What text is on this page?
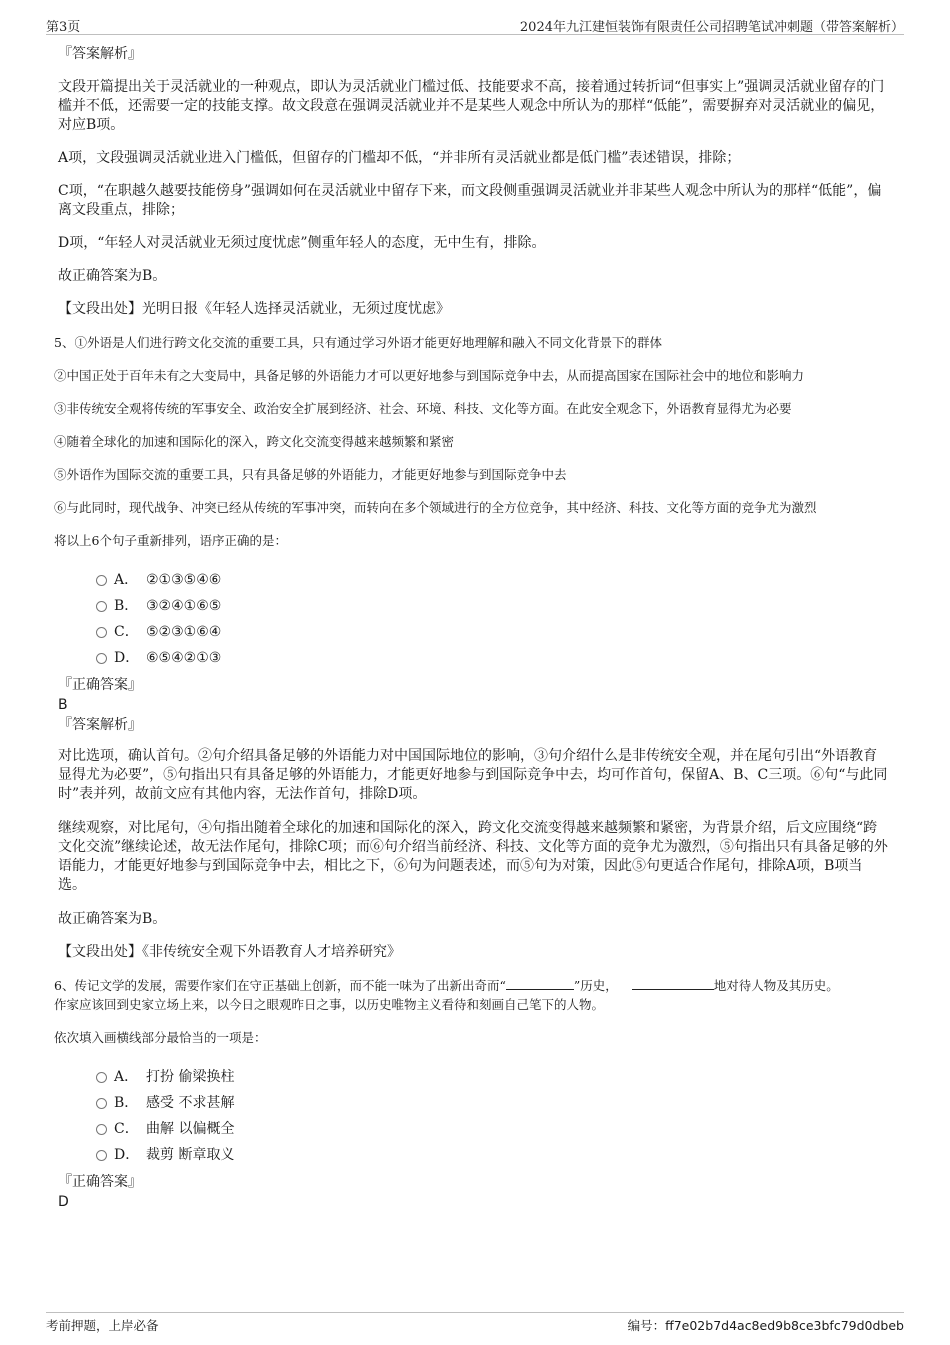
第3页	2024年九江建恒装饰有限责任公司招聘笔试冲刺题（带答案解析）

『答案解析』

文段开篇提出关于灵活就业的一种观点，即认为灵活就业门槛过低、技能要求不高，接着通过转折词“但事实上”强调灵活就业留存的门槛并不低，还需要一定的技能支撑。故文段意在强调灵活就业并不是某些人观念中所认为的那样“低能”，需要摒弃对灵活就业的偏见，对应B项。

A项，文段强调灵活就业进入门槛低，但留存的门槛却不低，“并非所有灵活就业都是低门槛”表述错误，排除；

C项，“在职越久越要技能傍身”强调如何在灵活就业中留存下来，而文段侧重强调灵活就业并非某些人观念中所认为的那样“低能”，偏离文段重点，排除；

D项，“年轻人对灵活就业无须过度忧虑”侧重年轻人的态度，无中生有，排除。

故正确答案为B。

【文段出处】光明日报《年轻人选择灵活就业，无须过度忧虑》

5、①外语是人们进行跨文化交流的重要工具，只有通过学习外语才能更好地理解和融入不同文化背景下的群体

②中国正处于百年未有之大变局中，具备足够的外语能力才可以更好地参与到国际竞争中去，从而提高国家在国际社会中的地位和影响力

③非传统安全观将传统的军事安全、政治安全扩展到经济、社会、环境、科技、文化等方面。在此安全观念下，外语教育显得尤为必要

④随着全球化的加速和国际化的深入，跨文化交流变得越来越频繁和紧密

⑤外语作为国际交流的重要工具，只有具备足够的外语能力，才能更好地参与到国际竞争中去

⑥与此同时，现代战争、冲突已经从传统的军事冲突，而转向在多个领域进行的全方位竞争，其中经济、科技、文化等方面的竞争尤为激烈

将以上6个句子重新排列，语序正确的是：

A． ②①③⑤④⑥
B． ③②④①⑥⑤
C． ⑤②③①⑥④
D． ⑥⑤④②①③

『正确答案』

B

『答案解析』

对比选项，确认首句。②句介绍具备足够的外语能力对中国国际地位的影响，③句介绍什么是非传统安全观，并在尾句引出“外语教育显得尤为必要”，⑤句指出只有具备足够的外语能力，才能更好地参与到国际竞争中去，均可作首句，保留A、B、C三项。⑥句“与此同时”表并列，故前文应有其他内容，无法作首句，排除D项。

继续观察，对比尾句，④句指出随着全球化的加速和国际化的深入，跨文化交流变得越来越频繁和紧密，为背景介绍，后文应围绕“跨文化交流”继续论述，故无法作尾句，排除C项；而⑥句介绍当前经济、科技、文化等方面的竞争尤为激烈，⑤句指出只有具备足够的外语能力，才能更好地参与到国际竞争中去，相比之下，⑥句为问题表述，而⑤句为对策，因此⑤句更适合作尾句，排除A项，B项当选。

故正确答案为B。

【文段出处】《非传统安全观下外语教育人才培养研究》

6、传记文学的发展，需要作家们在守正基础上创新，而不能一味为了出新出奇而“	”历史，	地对待人物及其历史。

作家应该回到史家立场上来，以今日之眼观昨日之事，以历史唯物主义看待和刻画自己笔下的人物。

依次填入画横线部分最恰当的一项是：

A． 打扮 偷梁换柱
B． 感受 不求甚解
C． 曲解 以偏概全
D． 裁剪 断章取义

『正确答案』

D

考前押题，上岸必备	编号：ff7e02b7d4ac8ed9b8ce3bfc79d0dbeb
